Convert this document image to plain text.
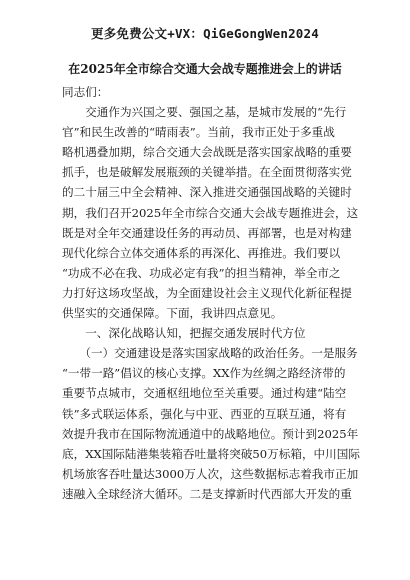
更多免费公文+VX：QiGeGongWen2024
在2025年全市综合交通大会战专题推进会上的讲话
同志们：
　　交通作为兴国之要、强国之基，是城市发展的“先行
官”和民生改善的“晴雨表”。当前，我市正处于多重战
略机遇叠加期，综合交通大会战既是落实国家战略的重要
抓手，也是破解发展瓶颈的关键举措。在全面贯彻落实党
的二十届三中全会精神、深入推进交通强国战略的关键时
期，我们召开2025年全市综合交通大会战专题推进会，这
既是对全年交通建设任务的再动员、再部署，也是对构建
现代化综合立体交通体系的再深化、再推进。我们要以
“功成不必在我、功成必定有我”的担当精神，举全市之
力打好这场攻坚战，为全面建设社会主义现代化新征程提
供坚实的交通保障。下面，我讲四点意见。
　　一、深化战略认知，把握交通发展时代方位
　　（一）交通建设是落实国家战略的政治任务。一是服务
“一带一路”倡议的核心支撑。XX作为丝绸之路经济带的
重要节点城市，交通枢纽地位至关重要。通过构建“陆空
铁”多式联运体系，强化与中亚、西亚的互联互通，将有
效提升我市在国际物流通道中的战略地位。预计到2025年
底，XX国际陆港集装箱吞吐量将突破50万标箱，中川国际
机场旅客吞吐量达3000万人次，这些数据标志着我市正加
速融入全球经济大循环。二是支撑新时代西部大开发的重
